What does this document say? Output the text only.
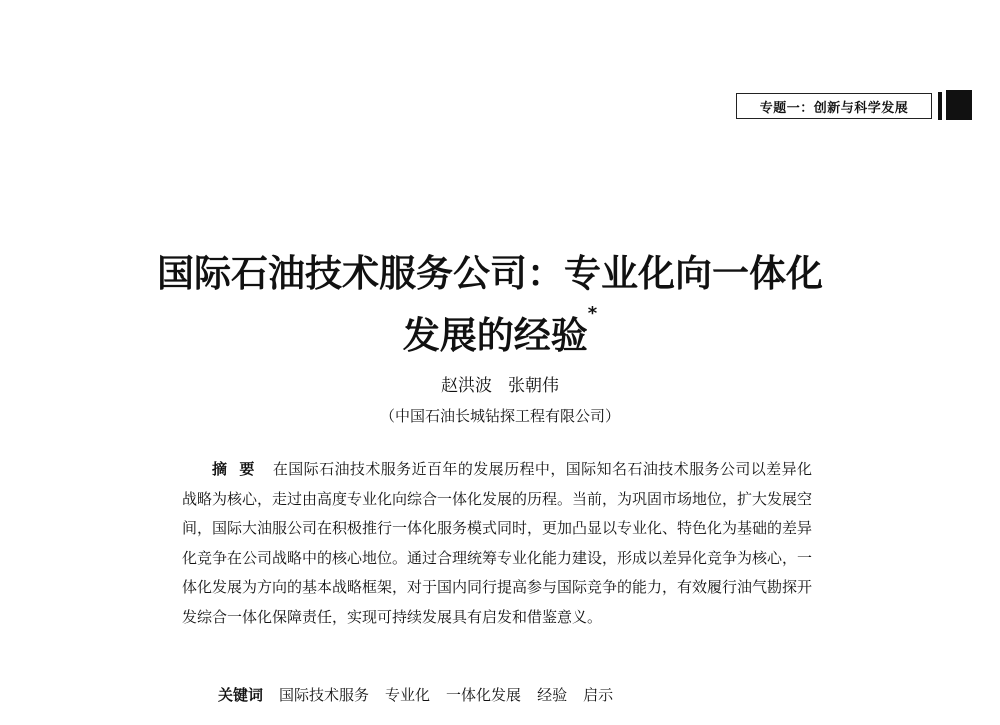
专题一：创新与科学发展
国际石油技术服务公司：专业化向一体化
发展的经验*
赵洪波 张朝伟
（中国石油长城钻探工程有限公司）
摘要 在国际石油技术服务近百年的发展历程中，国际知名石油技术服务公司以差异化战略为核心，走过由高度专业化向综合一体化发展的历程。当前，为巩固市场地位，扩大发展空间，国际大油服公司在积极推行一体化服务模式同时，更加凸显以专业化、特色化为基础的差异化竞争在公司战略中的核心地位。通过合理统筹专业化能力建设，形成以差异化竞争为核心，一体化发展为方向的基本战略框架，对于国内同行提高参与国际竞争的能力，有效履行油气勘探开发综合一体化保障责任，实现可持续发展具有启发和借鉴意义。
关键词 国际技术服务 专业化 一体化发展 经验 启示
